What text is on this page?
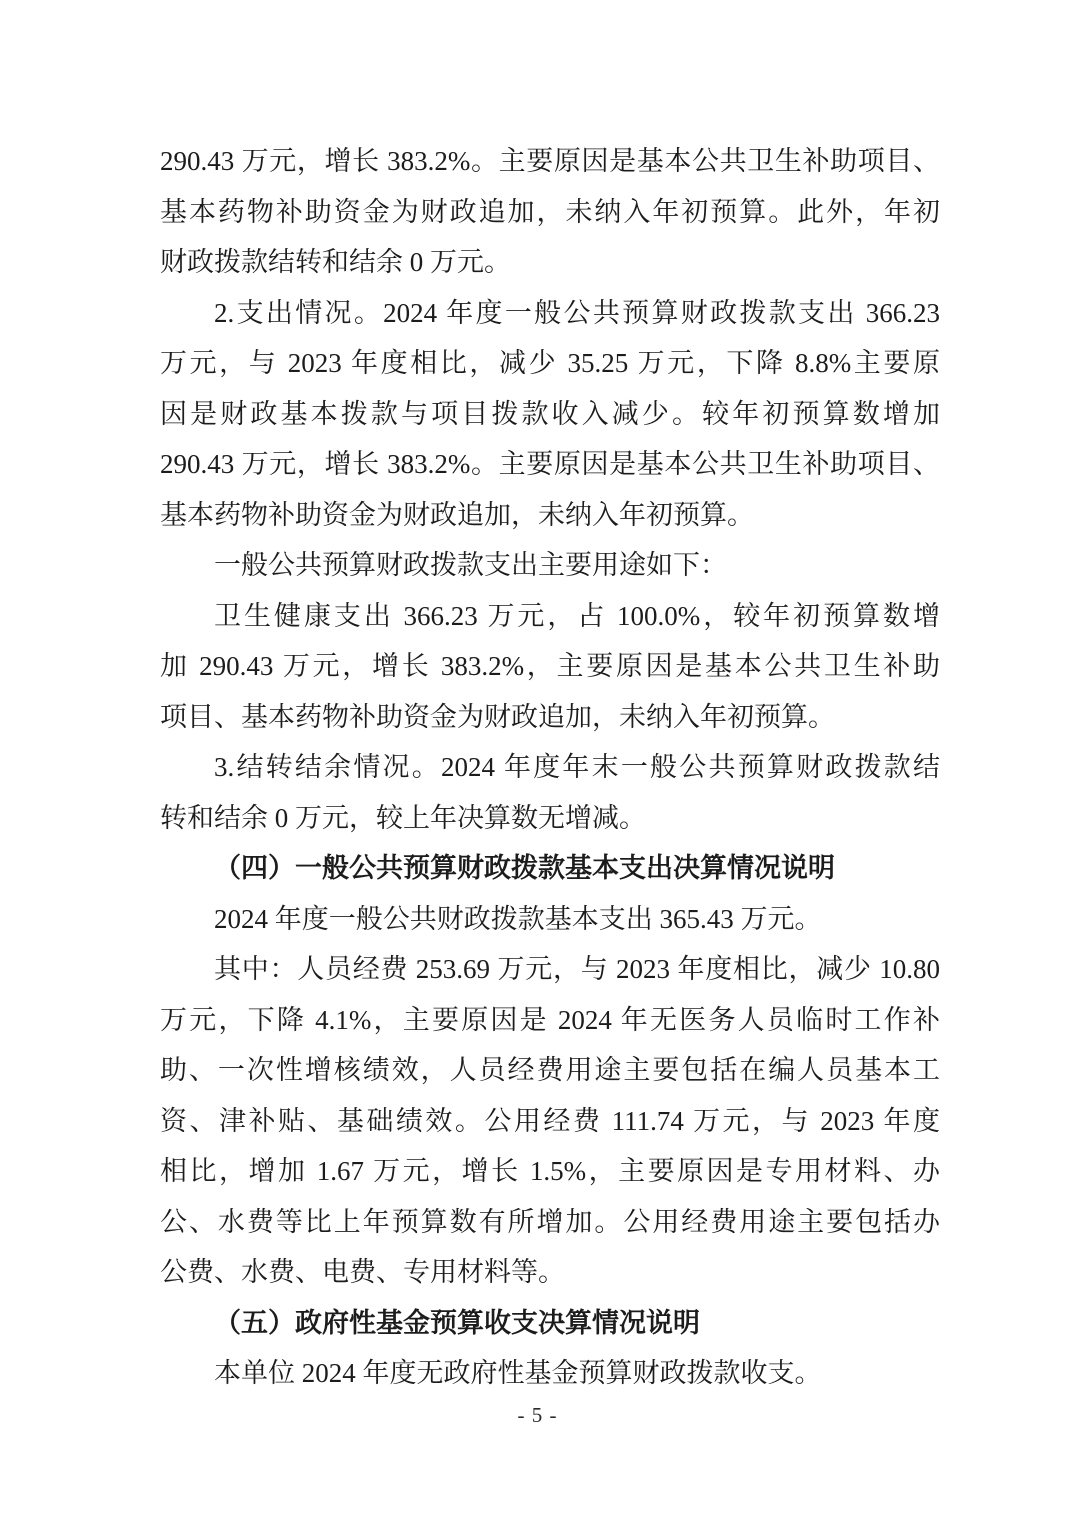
290.43 万元，增长 383.2%。主要原因是基本公共卫生补助项目、
基本药物补助资金为财政追加，未纳入年初预算。此外，年初
财政拨款结转和结余 0 万元。
2.支出情况。2024 年度一般公共预算财政拨款支出 366.23
万元，与 2023 年度相比，减少 35.25 万元，下降 8.8%主要原
因是财政基本拨款与项目拨款收入减少。较年初预算数增加
290.43 万元，增长 383.2%。主要原因是基本公共卫生补助项目、
基本药物补助资金为财政追加，未纳入年初预算。
一般公共预算财政拨款支出主要用途如下：
卫生健康支出 366.23 万元，占 100.0%，较年初预算数增
加 290.43 万元，增长 383.2%，主要原因是基本公共卫生补助
项目、基本药物补助资金为财政追加，未纳入年初预算。
3.结转结余情况。2024 年度年末一般公共预算财政拨款结
转和结余 0 万元，较上年决算数无增减。
（四）一般公共预算财政拨款基本支出决算情况说明
2024 年度一般公共财政拨款基本支出 365.43 万元。
其中：人员经费 253.69 万元，与 2023 年度相比，减少 10.80
万元，下降 4.1%，主要原因是 2024 年无医务人员临时工作补
助、一次性增核绩效，人员经费用途主要包括在编人员基本工
资、津补贴、基础绩效。公用经费 111.74 万元，与 2023 年度
相比，增加 1.67 万元，增长 1.5%，主要原因是专用材料、办
公、水费等比上年预算数有所增加。公用经费用途主要包括办
公费、水费、电费、专用材料等。
（五）政府性基金预算收支决算情况说明
本单位 2024 年度无政府性基金预算财政拨款收支。
- 5 -
